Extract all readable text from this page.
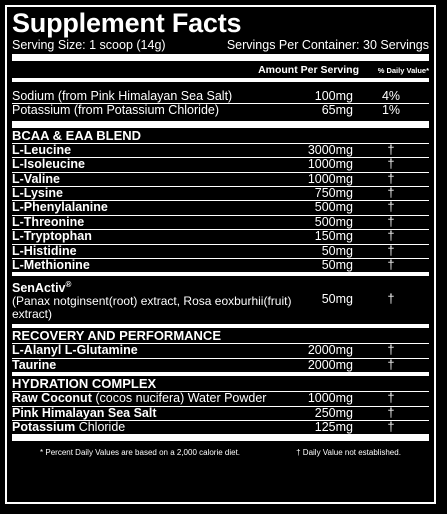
Supplement Facts
Serving Size: 1 scoop (14g)	Servings Per Container: 30 Servings
Amount Per Serving	% Daily Value*
Sodium (from Pink Himalayan Sea Salt)	100mg	4%
Potassium (from Potassium Chloride)	65mg	1%
BCAA & EAA BLEND
L-Leucine	3000mg	†
L-Isoleucine	1000mg	†
L-Valine	1000mg	†
L-Lysine	750mg	†
L-Phenylalanine	500mg	†
L-Threonine	500mg	†
L-Tryptophan	150mg	†
L-Histidine	50mg	†
L-Methionine	50mg	†
SenActiv®
(Panax notginsent(root) extract, Rosa eoxburhii(fruit) extract)
50mg	†
RECOVERY AND PERFORMANCE
L-Alanyl L-Glutamine	2000mg	†
Taurine	2000mg	†
HYDRATION COMPLEX
Raw Coconut (cocos nucifera) Water Powder	1000mg	†
Pink Himalayan Sea Salt	250mg	†
Potassium Chloride	125mg	†
* Percent Daily Values are based on a 2,000 calorie diet.	† Daily Value not established.
